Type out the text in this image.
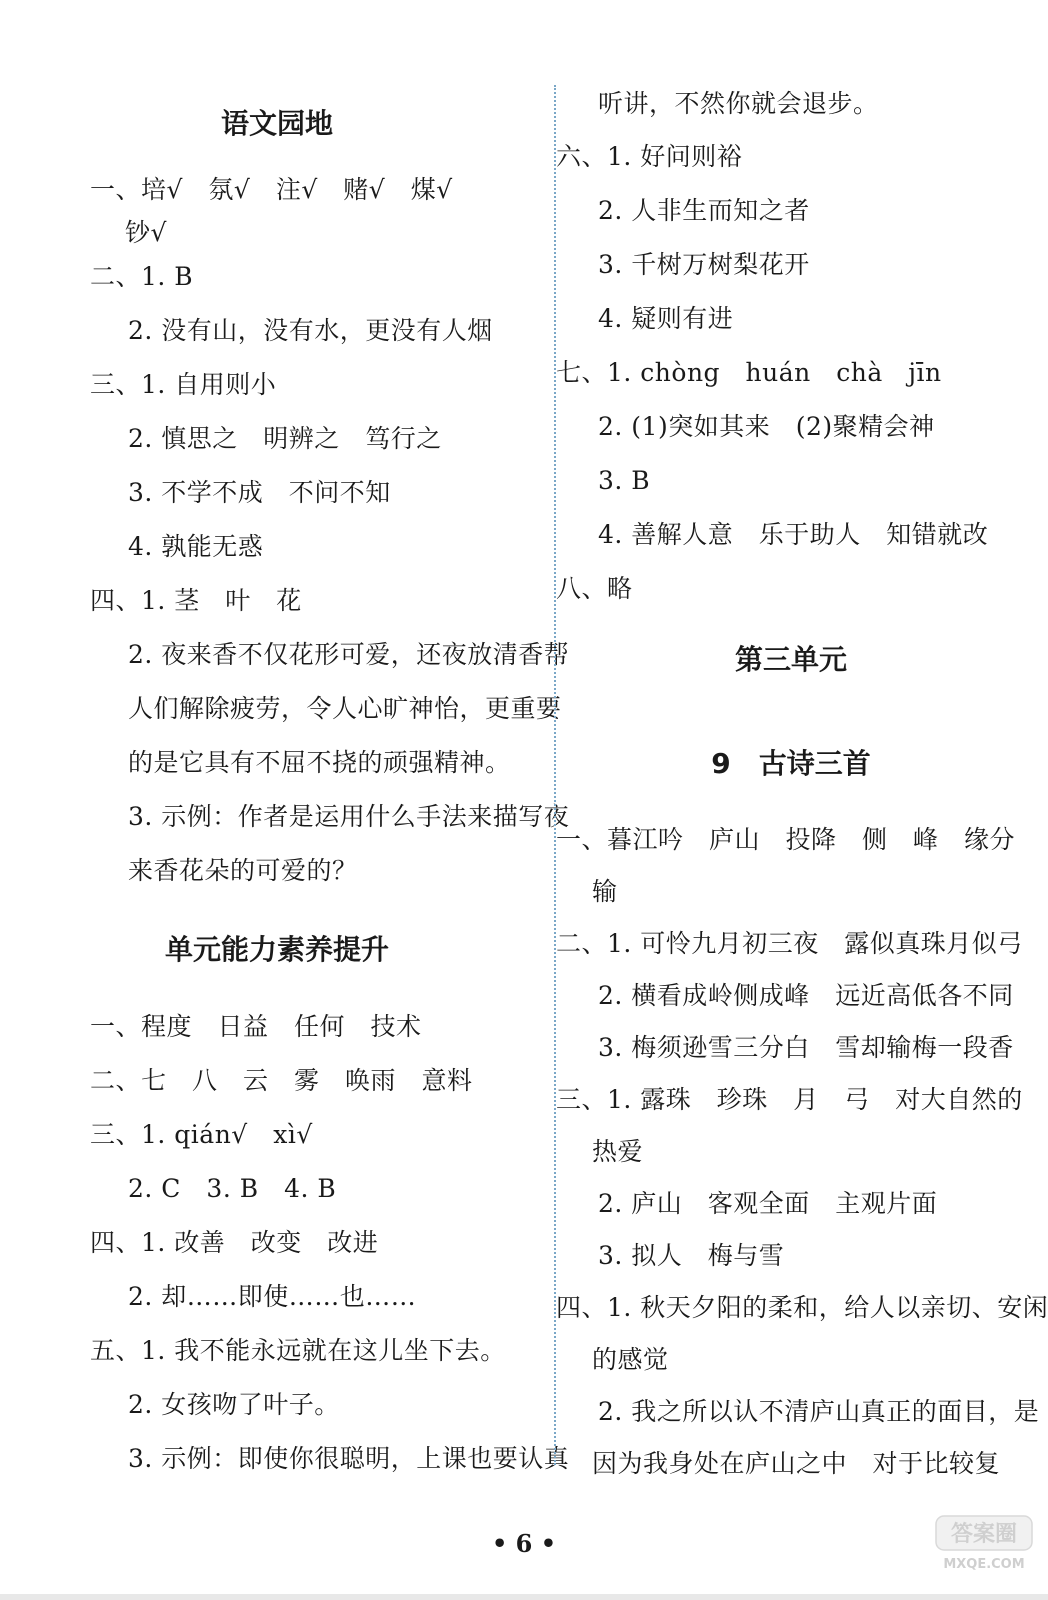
语文园地
一、培√　氛√　注√　赌√　煤√
钞√
二、1. B
2. 没有山，没有水，更没有人烟
三、1. 自用则小
2. 慎思之　明辨之　笃行之
3. 不学不成　不问不知
4. 孰能无惑
四、1. 茎　叶　花
2. 夜来香不仅花形可爱，还夜放清香帮
人们解除疲劳，令人心旷神怡，更重要
的是它具有不屈不挠的顽强精神。
3. 示例：作者是运用什么手法来描写夜
来香花朵的可爱的？
单元能力素养提升
一、程度　日益　任何　技术
二、七　八　云　雾　唤雨　意料
三、1. qián√　xì√
2. C　3. B　4. B
四、1. 改善　改变　改进
2. 却……即使……也……
五、1. 我不能永远就在这儿坐下去。
2. 女孩吻了叶子。
3. 示例：即使你很聪明，上课也要认真
听讲，不然你就会退步。
六、1. 好问则裕
2. 人非生而知之者
3. 千树万树梨花开
4. 疑则有进
七、1. chòng　huán　chà　jīn
2. (1)突如其来　(2)聚精会神
3. B
4. 善解人意　乐于助人　知错就改
八、略
第三单元
9　古诗三首
一、暮江吟　庐山　投降　侧　峰　缘分
输
二、1. 可怜九月初三夜　露似真珠月似弓
2. 横看成岭侧成峰　远近高低各不同
3. 梅须逊雪三分白　雪却输梅一段香
三、1. 露珠　珍珠　月　弓　对大自然的
热爱
2. 庐山　客观全面　主观片面
3. 拟人　梅与雪
四、1. 秋天夕阳的柔和，给人以亲切、安闲
的感觉
2. 我之所以认不清庐山真正的面目，是
因为我身处在庐山之中　对于比较复
• 6 •	答案圈
MXQE.COM
